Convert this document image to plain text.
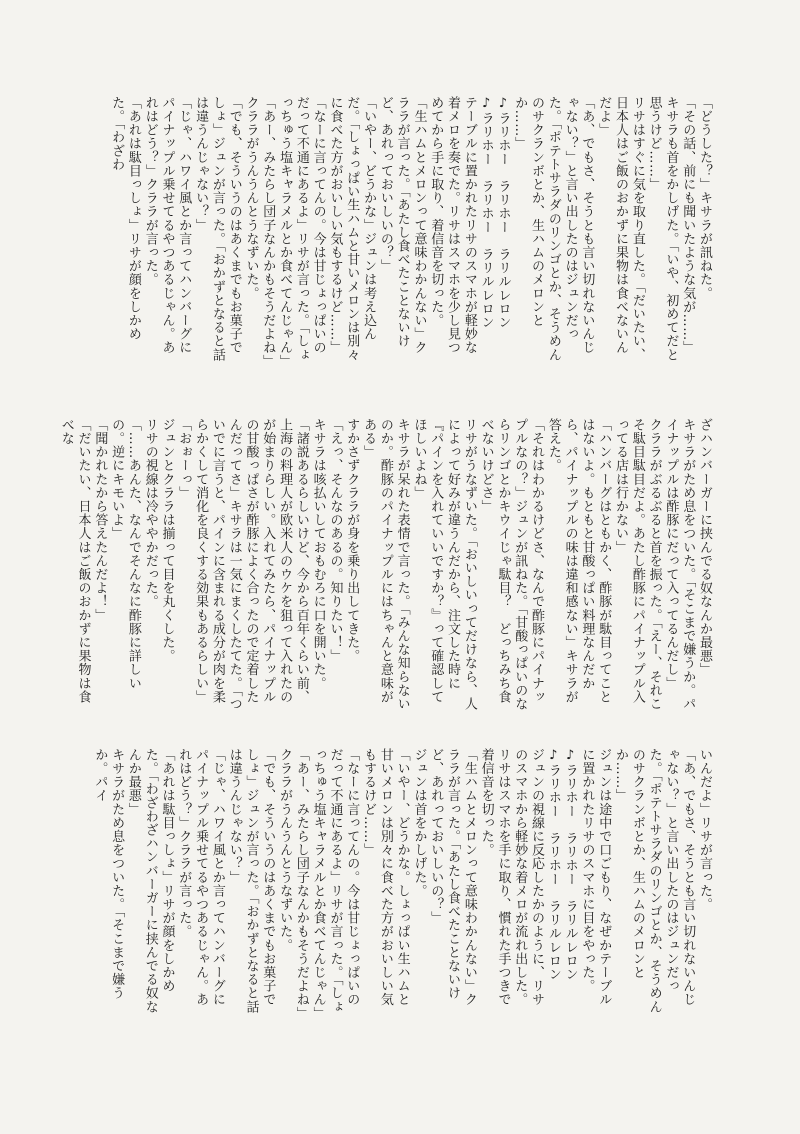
「どうした？」キサラが訊ねた。

「その話、前にも聞いたような気が……」

キサラも首をかしげた。「いや、初めてだと思うけど……」

リサはすぐに気を取り直した。「だいたい、日本人はご飯のおかずに果物は食べないんだよ」

「あ、でもさ、そうとも言い切れないんじゃない？」と言い出したのはジュンだった。「ポテトサラダのリンゴとか、そうめんのサクランボとか、生ハムのメロンとか……」

♪ラリホー　ラリホー　ラリルレロン

♪ラリホー　ラリホー　ラリルレロン

テーブルに置かれたリサのスマホが軽妙な着メロを奏でた。リサはスマホを少し見つめてから手に取り、着信音を切った。

「生ハムとメロンって意味わかんない」クララが言った。「あたし食べたことないけど、あれっておいしいの？」

「いやー、どうかな」ジュンは考え込んだ。「しょっぱい生ハムと甘いメロンは別々に食べた方がおいしい気もするけど……」

「なーに言ってんの。今は甘じょっぱいのだって不通にあるよ」リサが言った。「しょっちゅう塩キャラメルとか食べてんじゃん」

「あー、みたらし団子なんかもそうだよね」クララがうんうんとうなずいた。

「でも、そういうのはあくまでもお菓子でしょ」ジュンが言った。「おかずとなると話は違うんじゃない？」

「じゃ、ハワイ風とか言ってハンバーグにパイナップル乗せてるやつあるじゃん。あれはどう？」クララが言った。

「あれは駄目っしょ」リサが顔をしかめた。「わざわ

ざハンバーガーに挟んでる奴なんか最悪」

キサラがため息をついた。「そこまで嫌うか。パイナップルは酢豚にだって入ってるんだし」

クララがぶるぶると首を振った。「えー、それこそ駄目駄目だよ。あたし酢豚にパイナップル入ってる店は行かない」

「ハンバーグはともかく、酢豚が駄目ってことはないよ。もともと甘酸っぱい料理なんだから、パイナップルの味は違和感ない」キサラが答えた。

「それはわかるけどさ、なんで酢豚にパイナップルなの？」ジュンが訊ねた。「甘酸っぱいのならリンゴとかキウイじゃ駄目？　どっちみち食べないけどさ」

リサがうなずいた。「おいしいってだけなら、人によって好みが違うんだから、注文した時に『パインを入れていいですか？』って確認してほしいよね」

キサラが呆れた表情で言った。「みんな知らないのか。酢豚のパイナップルにはちゃんと意味がある」

すかさずクララが身を乗り出してきた。

「えっ、そんなのあるの。知りたい！」

キサラは咳払いしておもむろに口を開いた。

「諸説あるらしいけど、今から百年くらい前、上海の料理人が欧米人のウケを狙って入れたのが始まりらしい。入れてみたら、パイナップルの甘酸っぱさが酢豚によく合ったので定着したんだってさ」キサラは一気にまくしたてた。「ついでに言うと、パインに含まれる成分が肉を柔らかくして消化を良くする効果もあるらしい」

「おぉーっ」

ジュンとクララは揃って目を丸くした。

リサの視線は冷ややかだった。

「……あんた、なんでそんなに酢豚に詳しいの。逆にキモいよ」

「聞かれたから答えたんだよ！」

「だいたい、日本人はご飯のおかずに果物は食べな

いんだよ」リサが言った。

「あ、でもさ、そうとも言い切れないんじゃない？」と言い出したのはジュンだった。「ポテトサラダのリンゴとか、そうめんのサクランボとか、生ハムのメロンとか……」

ジュンは途中で口ごもり、なぜかテーブルに置かれたリサのスマホに目をやった。

♪ラリホー　ラリホー　ラリルレロン

♪ラリホー　ラリホー　ラリルレロン

ジュンの視線に反応したかのように、リサのスマホから軽妙な着メロが流れ出した。

リサはスマホを手に取り、慣れた手つきで着信音を切った。

「生ハムとメロンって意味わかんない」クララが言った。「あたし食べたことないけど、あれっておいしいの？」

ジュンは首をかしげた。

「いやー、どうかな。しょっぱい生ハムと甘いメロンは別々に食べた方がおいしい気もするけど……」

「なーに言ってんの。今は甘じょっぱいのだって不通にあるよ」リサが言った。「しょっちゅう塩キャラメルとか食べてんじゃん」

「あー、みたらし団子なんかもそうだよね」クララがうんうんとうなずいた。

「でも、そういうのはあくまでもお菓子でしょ」ジュンが言った。「おかずとなると話は違うんじゃない？」

「じゃ、ハワイ風とか言ってハンバーグにパイナップル乗せてるやつあるじゃん。あれはどう？」クララが言った。

「あれは駄目っしょ」リサが顔をしかめた。「わざわざハンバーガーに挟んでる奴なんか最悪」

キサラがため息をついた。「そこまで嫌うか。パイ
